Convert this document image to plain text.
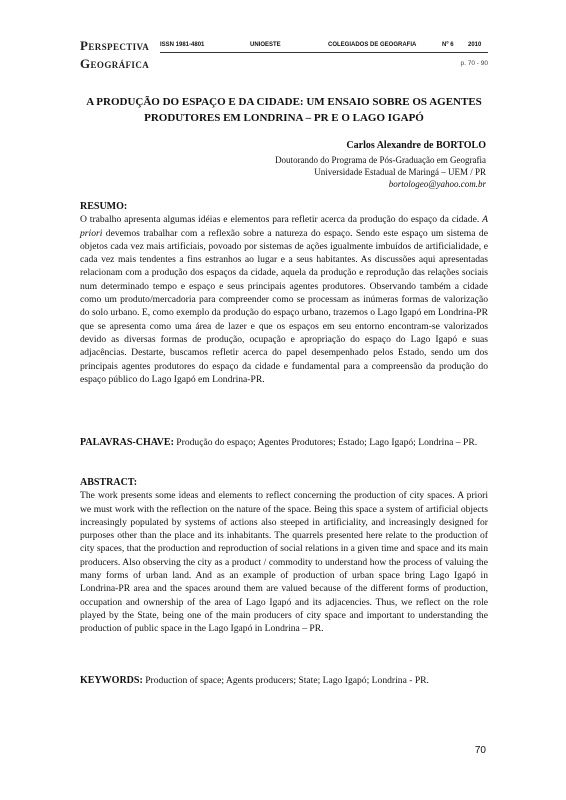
Perspectiva
Geográfica
ISSN 1981-4801	UNIOESTE	COLEGIADOS DE GEOGRAFIA	Nº 6 2010
p. 70 - 90
A PRODUÇÃO DO ESPAÇO E DA CIDADE: UM ENSAIO SOBRE OS AGENTES PRODUTORES EM LONDRINA – PR E O LAGO IGAPÓ
Carlos Alexandre de BORTOLO
Doutorando do Programa de Pós-Graduação em Geografia
Universidade Estadual de Maringá – UEM / PR
bortologeo@yahoo.com.br
RESUMO:
O trabalho apresenta algumas idéias e elementos para refletir acerca da produção do espaço da cidade. A priori devemos trabalhar com a reflexão sobre a natureza do espaço. Sendo este espaço um sistema de objetos cada vez mais artificiais, povoado por sistemas de ações igualmente imbuídos de artificialidade, e cada vez mais tendentes a fins estranhos ao lugar e a seus habitantes. As discussões aqui apresentadas relacionam com a produção dos espaços da cidade, aquela da produção e reprodução das relações sociais num determinado tempo e espaço e seus principais agentes produtores. Observando também a cidade como um produto/mercadoria para compreender como se processam as inúmeras formas de valorização do solo urbano. E, como exemplo da produção do espaço urbano, trazemos o Lago Igapó em Londrina-PR que se apresenta como uma área de lazer e que os espaços em seu entorno encontram-se valorizados devido as diversas formas de produção, ocupação e apropriação do espaço do Lago Igapó e suas adjacências. Destarte, buscamos refletir acerca do papel desempenhado pelos Estado, sendo um dos principais agentes produtores do espaço da cidade e fundamental para a compreensão da produção do espaço público do Lago Igapó em Londrina-PR.
PALAVRAS-CHAVE: Produção do espaço; Agentes Produtores; Estado; Lago Igapó; Londrina – PR.
ABSTRACT:
The work presents some ideas and elements to reflect concerning the production of city spaces. A priori we must work with the reflection on the nature of the space. Being this space a system of artificial objects increasingly populated by systems of actions also steeped in artificiality, and increasingly designed for purposes other than the place and its inhabitants. The quarrels presented here relate to the production of city spaces, that the production and reproduction of social relations in a given time and space and its main producers. Also observing the city as a product / commodity to understand how the process of valuing the many forms of urban land. And as an example of production of urban space bring Lago Igapó in Londrina-PR area and the spaces around them are valued because of the different forms of production, occupation and ownership of the area of Lago Igapó and its adjacencies. Thus, we reflect on the role played by the State, being one of the main producers of city space and important to understanding the production of public space in the Lago Igapó in Londrina – PR.
KEYWORDS: Production of space; Agents producers; State; Lago Igapó; Londrina - PR.
70
